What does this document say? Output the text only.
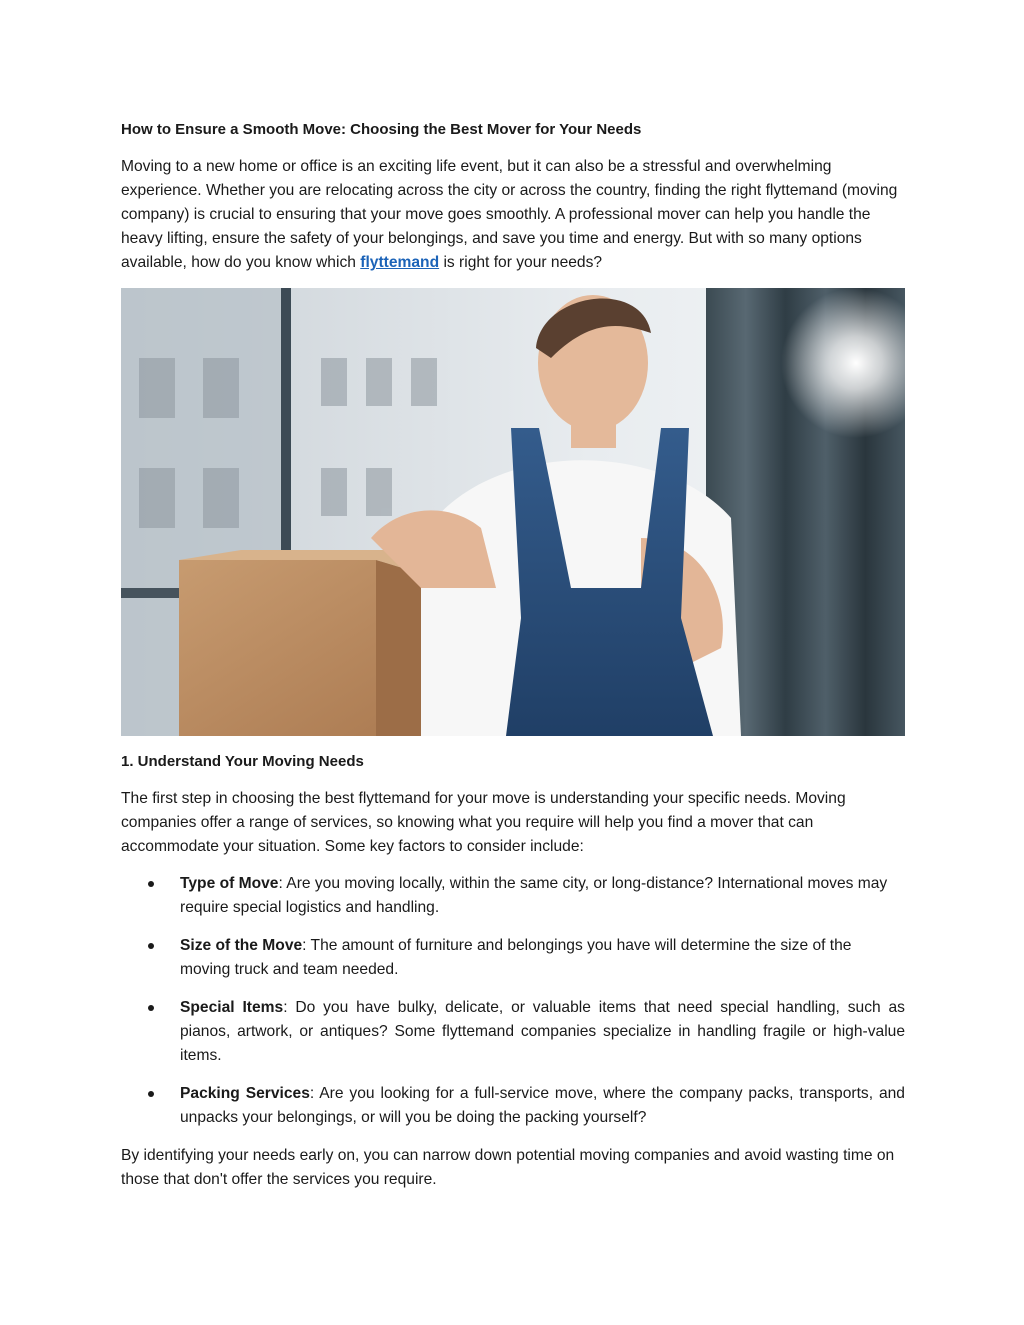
How to Ensure a Smooth Move: Choosing the Best Mover for Your Needs

Moving to a new home or office is an exciting life event, but it can also be a stressful and overwhelming experience. Whether you are relocating across the city or across the country, finding the right flyttemand (moving company) is crucial to ensuring that your move goes smoothly. A professional mover can help you handle the heavy lifting, ensure the safety of your belongings, and save you time and energy. But with so many options available, how do you know which flyttemand is right for your needs?

1. Understand Your Moving Needs

The first step in choosing the best flyttemand for your move is understanding your specific needs. Moving companies offer a range of services, so knowing what you require will help you find a mover that can accommodate your situation. Some key factors to consider include:

Type of Move: Are you moving locally, within the same city, or long-distance? International moves may require special logistics and handling.
Size of the Move: The amount of furniture and belongings you have will determine the size of the moving truck and team needed.
Special Items: Do you have bulky, delicate, or valuable items that need special handling, such as pianos, artwork, or antiques? Some flyttemand companies specialize in handling fragile or high-value items.
Packing Services: Are you looking for a full-service move, where the company packs, transports, and unpacks your belongings, or will you be doing the packing yourself?

By identifying your needs early on, you can narrow down potential moving companies and avoid wasting time on those that don't offer the services you require.
